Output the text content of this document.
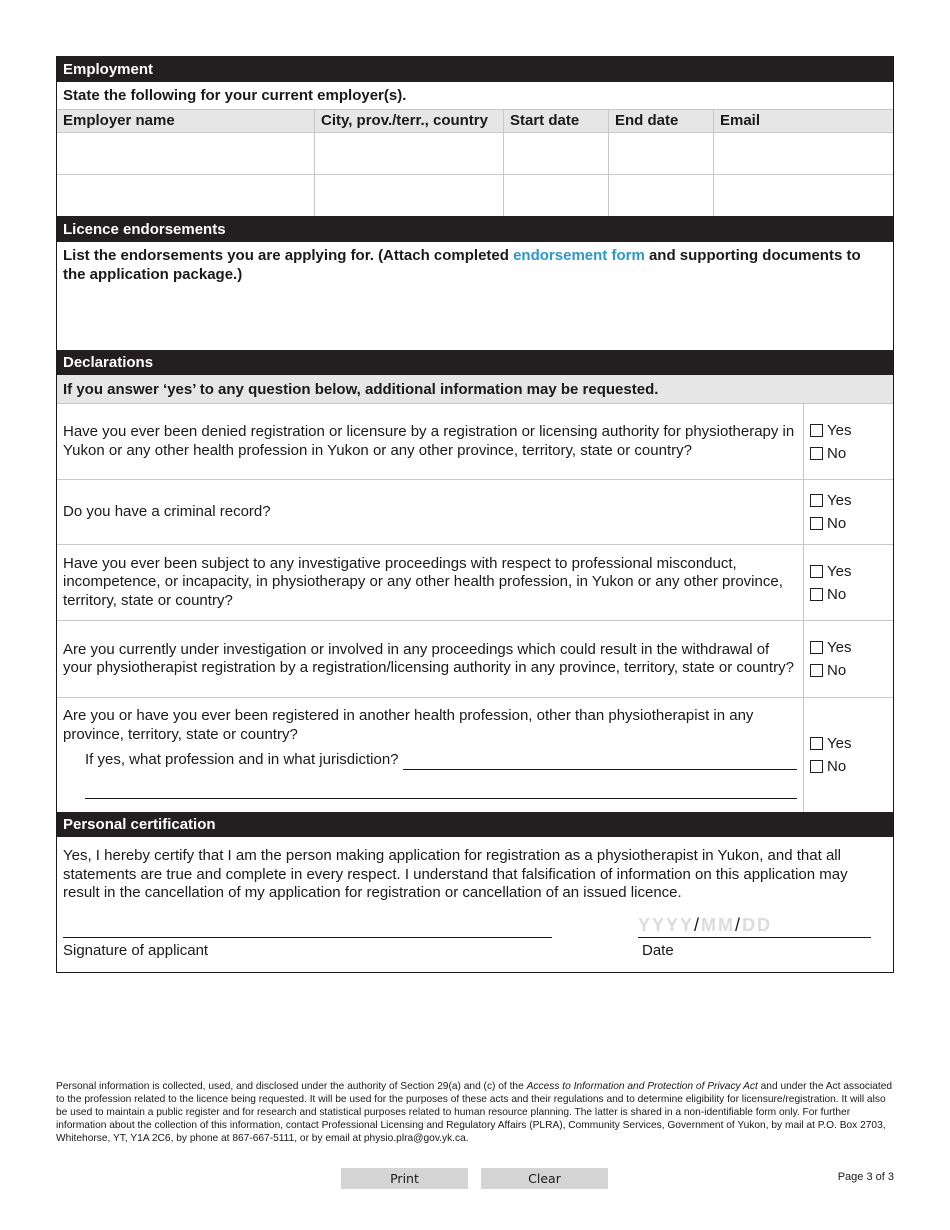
Employment
State the following for your current employer(s).
Employer name	City, prov./terr., country	Start date	End date	Email
Licence endorsements
List the endorsements you are applying for. (Attach completed endorsement form and supporting documents to the application package.)
Declarations
If you answer ‘yes’ to any question below, additional information may be requested.
Have you ever been denied registration or licensure by a registration or licensing authority for physiotherapy in Yukon or any other health profession in Yukon or any other province, territory, state or country?
Yes
No
Do you have a criminal record?
Yes
No
Have you ever been subject to any investigative proceedings with respect to professional misconduct, incompetence, or incapacity, in physiotherapy or any other health profession, in Yukon or any other province, territory, state or country?
Yes
No
Are you currently under investigation or involved in any proceedings which could result in the withdrawal of your physiotherapist registration by a registration/licensing authority in any province, territory, state or country?
Yes
No
Are you or have you ever been registered in another health profession, other than physiotherapist in any province, territory, state or country?
If yes, what profession and in what jurisdiction?
Yes
No
Personal certification
Yes, I hereby certify that I am the person making application for registration as a physiotherapist in Yukon, and that all statements are true and complete in every respect. I understand that falsification of information on this application may result in the cancellation of my application for registration or cancellation of an issued licence.
Signature of applicant
YYYY/MM/DD
Date
Personal information is collected, used, and disclosed under the authority of Section 29(a) and (c) of the Access to Information and Protection of Privacy Act and under the Act associated to the profession related to the licence being requested. It will be used for the purposes of these acts and their regulations and to determine eligibility for licensure/registration. It will also be used to maintain a public register and for research and statistical purposes related to human resource planning. The latter is shared in a non-identifiable form only. For further information about the collection of this information, contact Professional Licensing and Regulatory Affairs (PLRA), Community Services, Government of Yukon, by mail at P.O. Box 2703, Whitehorse, YT, Y1A 2C6, by phone at 867-667-5111, or by email at physio.plra@gov.yk.ca.
Print	Clear	Page 3 of 3
